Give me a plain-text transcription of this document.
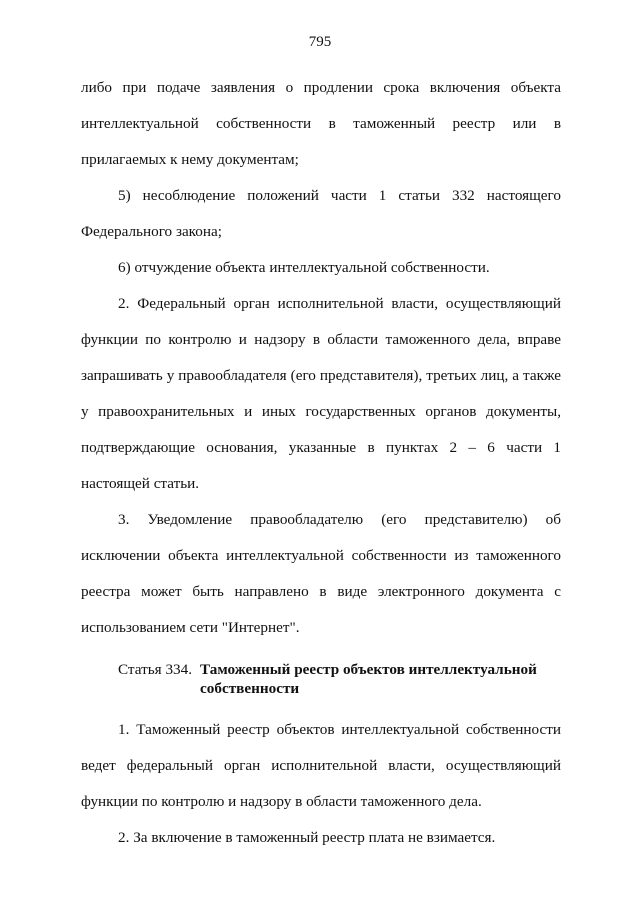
795

либо при подаче заявления о продлении срока включения объекта интеллектуальной собственности в таможенный реестр или в прилагаемых к нему документам;

5) несоблюдение положений части 1 статьи 332 настоящего Федерального закона;

6) отчуждение объекта интеллектуальной собственности.

2. Федеральный орган исполнительной власти, осуществляющий функции по контролю и надзору в области таможенного дела, вправе запрашивать у правообладателя (его представителя), третьих лиц, а также у правоохранительных и иных государственных органов документы, подтверждающие основания, указанные в пунктах 2 – 6 части 1 настоящей статьи.

3. Уведомление правообладателю (его представителю) об исключении объекта интеллектуальной собственности из таможенного реестра может быть направлено в виде электронного документа с использованием сети "Интернет".

Статья 334. Таможенный реестр объектов интеллектуальной собственности

1. Таможенный реестр объектов интеллектуальной собственности ведет федеральный орган исполнительной власти, осуществляющий функции по контролю и надзору в области таможенного дела.

2. За включение в таможенный реестр плата не взимается.
